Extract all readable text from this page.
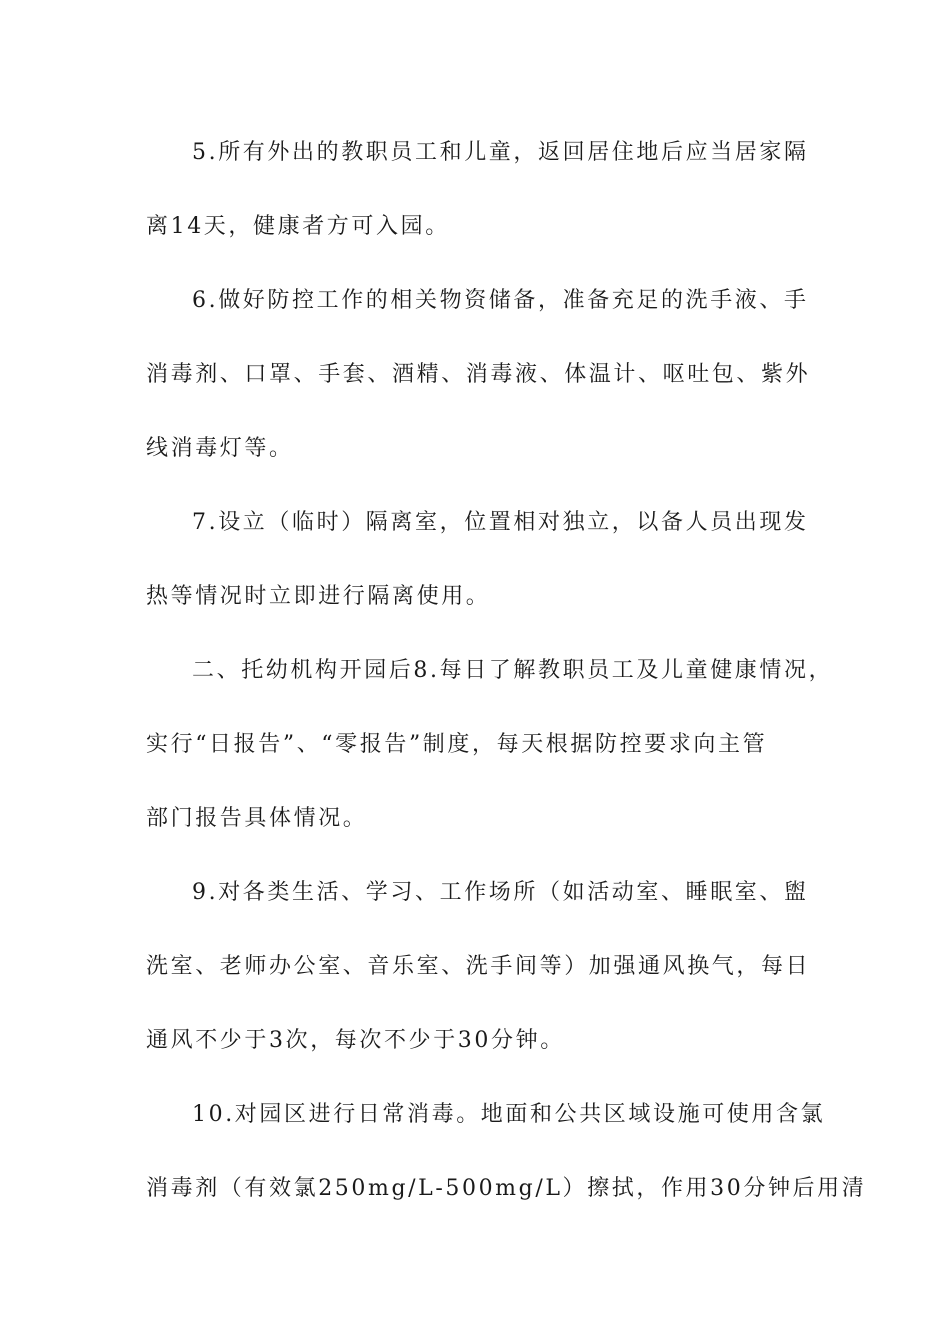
5.所有外出的教职员工和儿童，返回居住地后应当居家隔
离14天，健康者方可入园。
6.做好防控工作的相关物资储备，准备充足的洗手液、手
消毒剂、口罩、手套、酒精、消毒液、体温计、呕吐包、紫外
线消毒灯等。
7.设立（临时）隔离室，位置相对独立，以备人员出现发
热等情况时立即进行隔离使用。
二、托幼机构开园后8.每日了解教职员工及儿童健康情况，
实行“日报告”、“零报告”制度，每天根据防控要求向主管
部门报告具体情况。
9.对各类生活、学习、工作场所（如活动室、睡眠室、盥
洗室、老师办公室、音乐室、洗手间等）加强通风换气，每日
通风不少于3次，每次不少于30分钟。
10.对园区进行日常消毒。地面和公共区域设施可使用含氯
消毒剂（有效氯250mg/L-500mg/L）擦拭，作用30分钟后用清
